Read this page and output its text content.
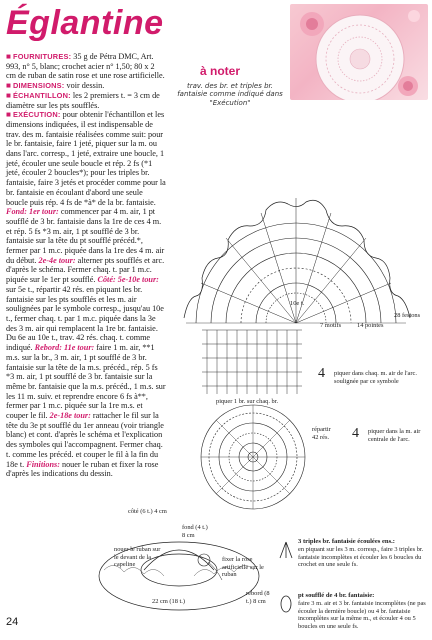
Églantine

■ FOURNITURES: 35 g de Pétra DMC, Art. 993, n° 5, blanc; crochet acier n° 1,50; 80 x 2 cm de ruban de satin rose et une rose artificielle.

■ DIMENSIONS: voir dessin.

■ ÉCHANTILLON: les 2 premiers t. = 3 cm de diamètre sur les pts soufflés.

■ EXÉCUTION: pour obtenir l'échantillon et les dimensions indiquées, il est indispensable de trav. des m. fantaisie réalisées comme suit: pour le br. fantaisie, faire 1 jeté, piquer sur la m. ou dans l'arc. corresp., 1 jeté, extraire une boucle, 1 jeté, écouler une seule boucle et rép. 2 fs (*1 jeté, écouler 2 boucles*); pour les triples br. fantaisie, faire 3 jetés et procéder comme pour la br. fantaisie en écoulant d'abord une seule boucle puis rép. 4 fs de *à* de la br. fantaisie.

Fond: 1er tour: commencer par 4 m. air, 1 pt soufflé de 3 br. fantaisie dans la 1re de ces 4 m. et rép. 5 fs *3 m. air, 1 pt soufflé de 3 br. fantaisie sur la tête du pt soufflé précéd.*, fermer par 1 m.c. piquée dans la 1re des 4 m. air du début. 2e-4e tour: alterner pts soufflés et arc. d'après le schéma. Fermer chaq. t. par 1 m.c. piquée sur le 1er pt soufflé. Côté: 5e-10e tour: sur 5e t., répartir 42 rés. en piquant les br. fantaisie sur les pts soufflés et les m. air soulignées par le symbole corresp., jusqu'au 10e t., fermer chaq. t. par 1 m.c. piquée dans la 3e des 3 m. air qui remplacent la 1re br. fantaisie. Du 6e au 10e t., trav. 42 rés. chaq. t. comme indiqué. Rebord: 11e tour: faire 1 m. air, **1 m.s. sur la br., 3 m. air, 1 pt soufflé de 3 br. fantaisie sur la tête de la m.s. précéd., rép. 5 fs *3 m. air, 1 pt soufflé de 3 br. fantaisie sur la même br. fantaisie que la m.s. précéd., 1 m.s. sur les 11 m. suiv. et reprendre encore 6 fs à**, fermer par 1 m.c. piquée sur la 1re m.s. et couper le fil. 2e-18e tour: rattacher le fil sur la tête du 3e pt soufflé du 1er anneau (voir triangle blanc) et cont. d'après le schéma et l'explication des symboles qui l'accompagnent. Fermer chaq. t. comme les précéd. et couper le fil à la fin du 18e t. Finitions: nouer le ruban et fixer la rose d'après les indications du dessin.

à noter
trav. des br. et triples br. fantaisie comme indiqué dans "Exécution"
7 motifs 14 pointes
28 festons
10e t.
piquer 1 br. sur chaq. br.
4 piquer dans chaq. m. air de l'arc. soulignée par ce symbole
répartir 42 rés.	4 piquer dans la m. air centrale de l'arc.
côté (6 t.) 4 cm
fond (4 t.) 8 cm
nouer le ruban sur le devant de la capeline
fixer la rose artificielle sur le ruban
rebord (8 t.) 8 cm
22 cm (18 t.)
3 triples br. fantaisie écoulées ens.:
en piquant sur les 3 m. corresp., faire 3 triples br. fantaisie incomplètes et écouler les 6 boucles du crochet en une seule fs.
pt soufflé de 4 br. fantaisie:
faire 3 m. air et 3 br. fantaisie incomplètes (ne pas écouler la dernière boucle) ou 4 br. fantaisie incomplètes sur la même m., et écouler 4 ou 5 boucles en une seule fs.
24
